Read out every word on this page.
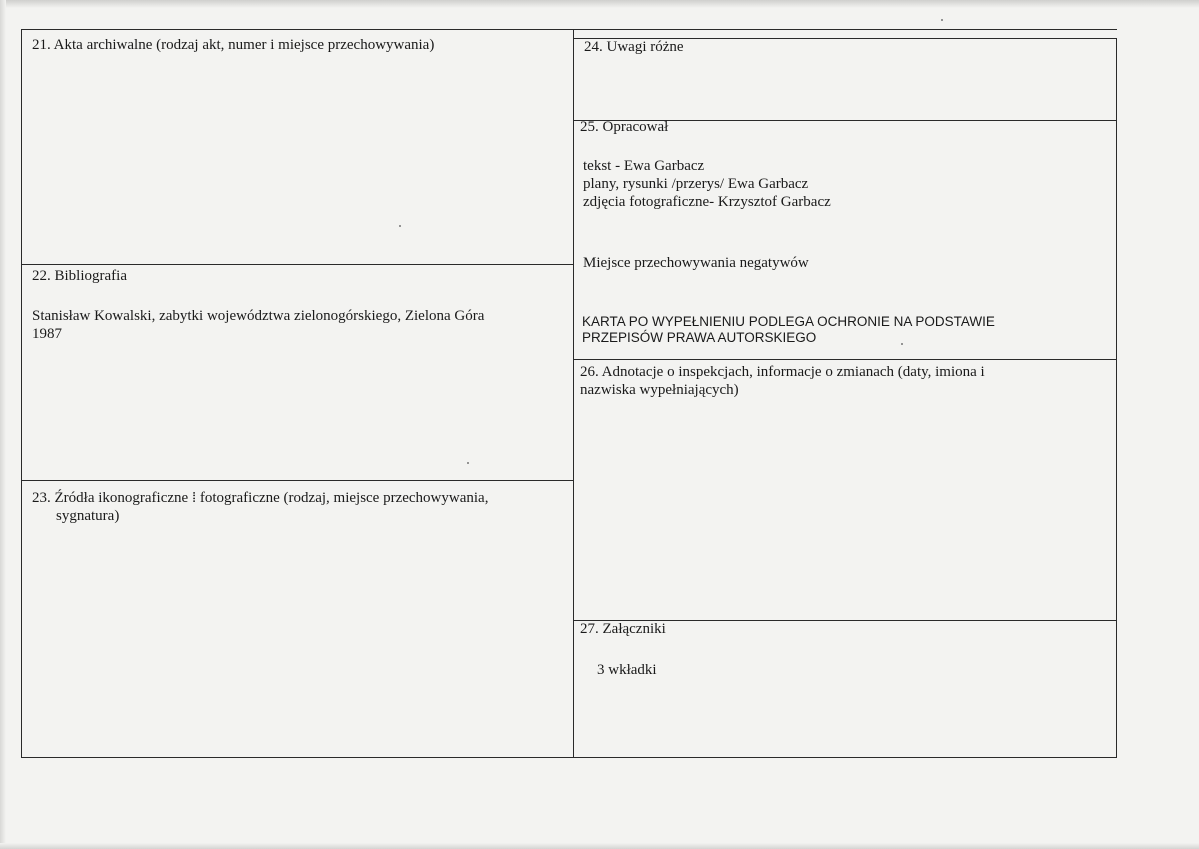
21. Akta archiwalne (rodzaj akt, numer i miejsce przechowywania)
22. Bibliografia
Stanisław Kowalski, zabytki województwa zielonogórskiego, Zielona Góra
1987
23. Źródła ikonograficzne ⁞ fotograficzne (rodzaj, miejsce przechowywania,
sygnatura)
24. Uwagi różne
25. Opracował
tekst - Ewa Garbacz
plany, rysunki /przerys/ Ewa Garbacz
zdjęcia fotograficzne- Krzysztof Garbacz
Miejsce przechowywania negatywów
KARTA PO WYPEŁNIENIU PODLEGA OCHRONIE NA PODSTAWIE
PRZEPISÓW PRAWA AUTORSKIEGO
26. Adnotacje o inspekcjach, informacje o zmianach (daty, imiona i
nazwiska wypełniających)
27. Załączniki
3 wkładki
